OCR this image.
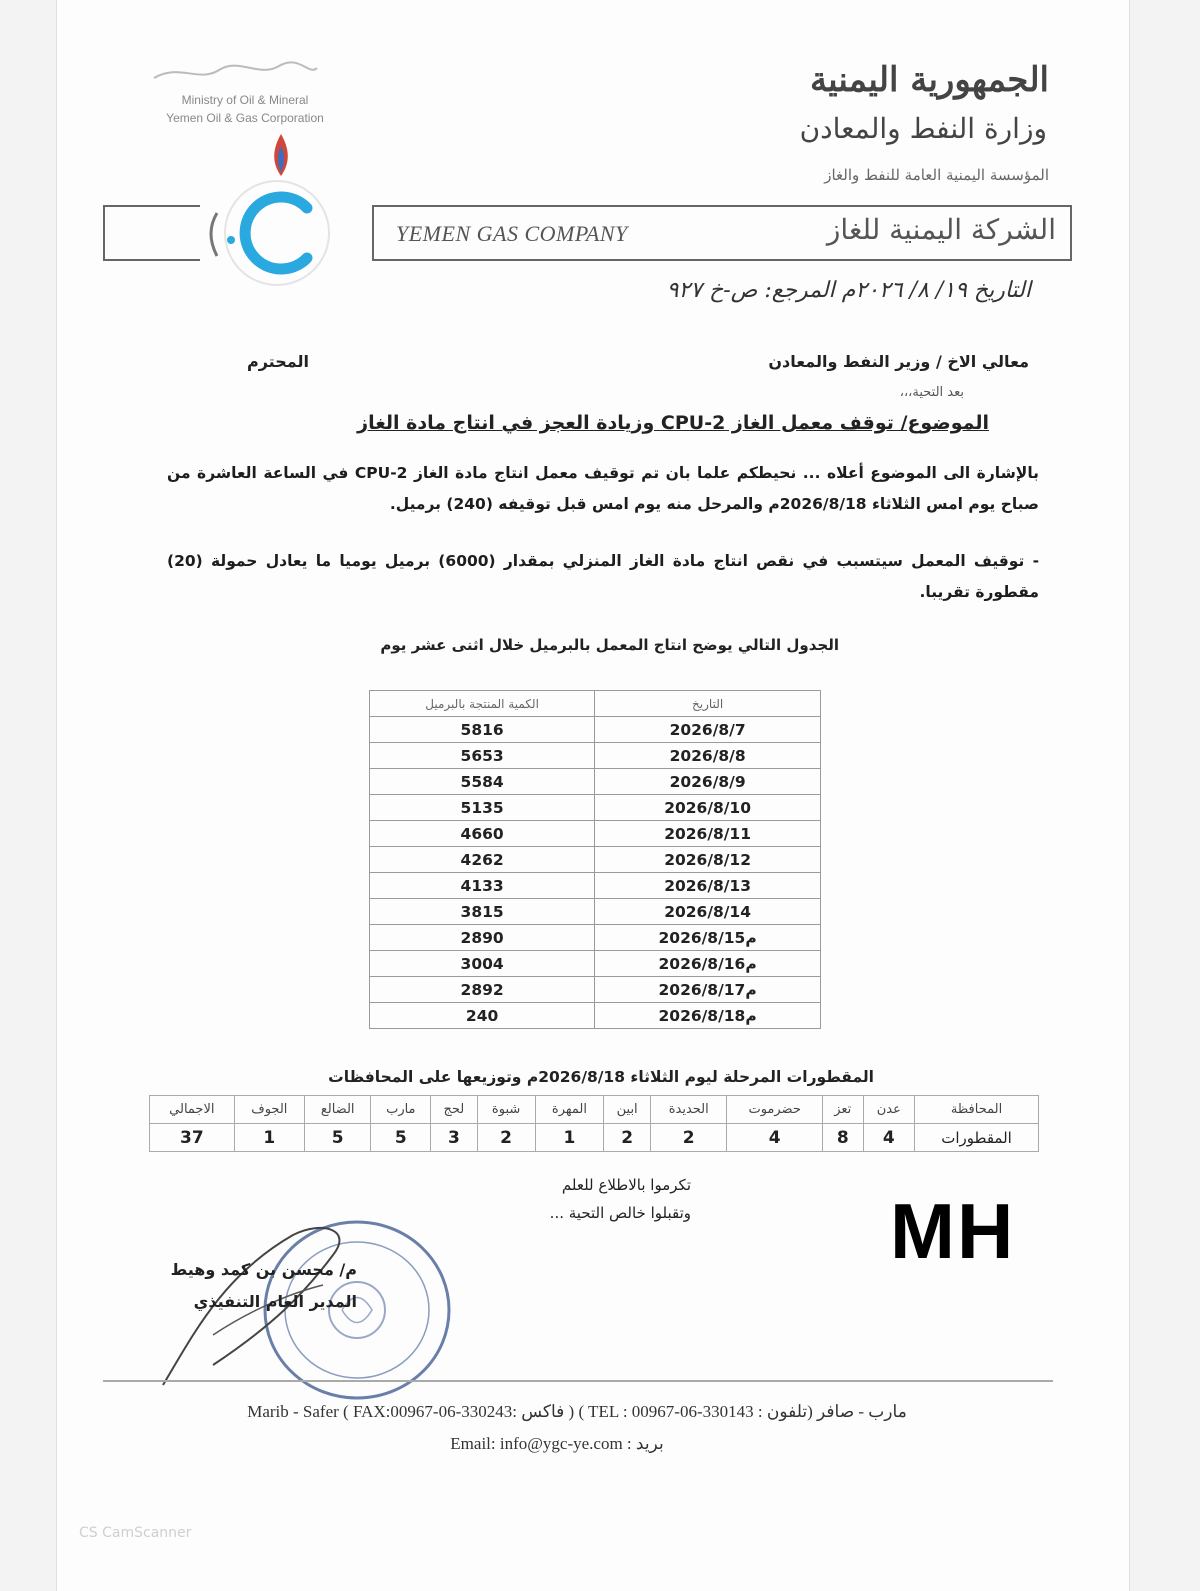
Ministry of Oil & Mineral
Yemen Oil & Gas Corporation
الجمهورية اليمنية
وزارة النفط والمعادن
المؤسسة اليمنية العامة للنفط والغاز
YEMEN GAS COMPANY	الشركة اليمنية للغاز
التاريخ ١٩/ ٨/ ٢٠٢٦م المرجع: ص-خ ٩٢٧
معالي الاخ / وزير النفط والمعادن
المحترم
بعد التحية،،،
الموضوع/ توقف معمل الغاز CPU-2 وزيادة العجز في انتاج مادة الغاز
بالإشارة الى الموضوع أعلاه ... نحيطكم علما بان تم توقيف معمل انتاج مادة الغاز CPU-2 في الساعة العاشرة من صباح يوم امس الثلاثاء 2026/8/18م والمرحل منه يوم امس قبل توقيفه (240) برميل.
- توقيف المعمل سيتسبب في نقص انتاج مادة الغاز المنزلي بمقدار (6000) برميل يوميا ما يعادل حمولة (20) مقطورة تقريبا.
الجدول التالي يوضح انتاج المعمل بالبرميل خلال اثنى عشر يوم
الكمية المنتجة بالبرميل	التاريخ
5816	2026/8/7
5653	2026/8/8
5584	2026/8/9
5135	2026/8/10
4660	2026/8/11
4262	2026/8/12
4133	2026/8/13
3815	2026/8/14
2890	2026/8/15م
3004	2026/8/16م
2892	2026/8/17م
240	2026/8/18م
المقطورات المرحلة ليوم الثلاثاء 2026/8/18م وتوزيعها على المحافظات
المحافظة	عدن	تعز	حضرموت	الحديدة	ابين	المهرة	شبوة	لحج	مارب	الضالع	الجوف	الاجمالي
المقطورات	4	8	4	2	2	1	2	3	5	5	1	37
تكرموا بالاطلاع للعلم
وتقبلوا خالص التحية ...	MH
م/ محسن بن كمد وهيط
المدير العام التنفيذي
Marib - Safer ( FAX:00967-06-330243: فاكس ) ( TEL : 00967-06-330143 : تلفون) مارب - صافر
Email: info@ygc-ye.com : بريد
CS CamScanner
